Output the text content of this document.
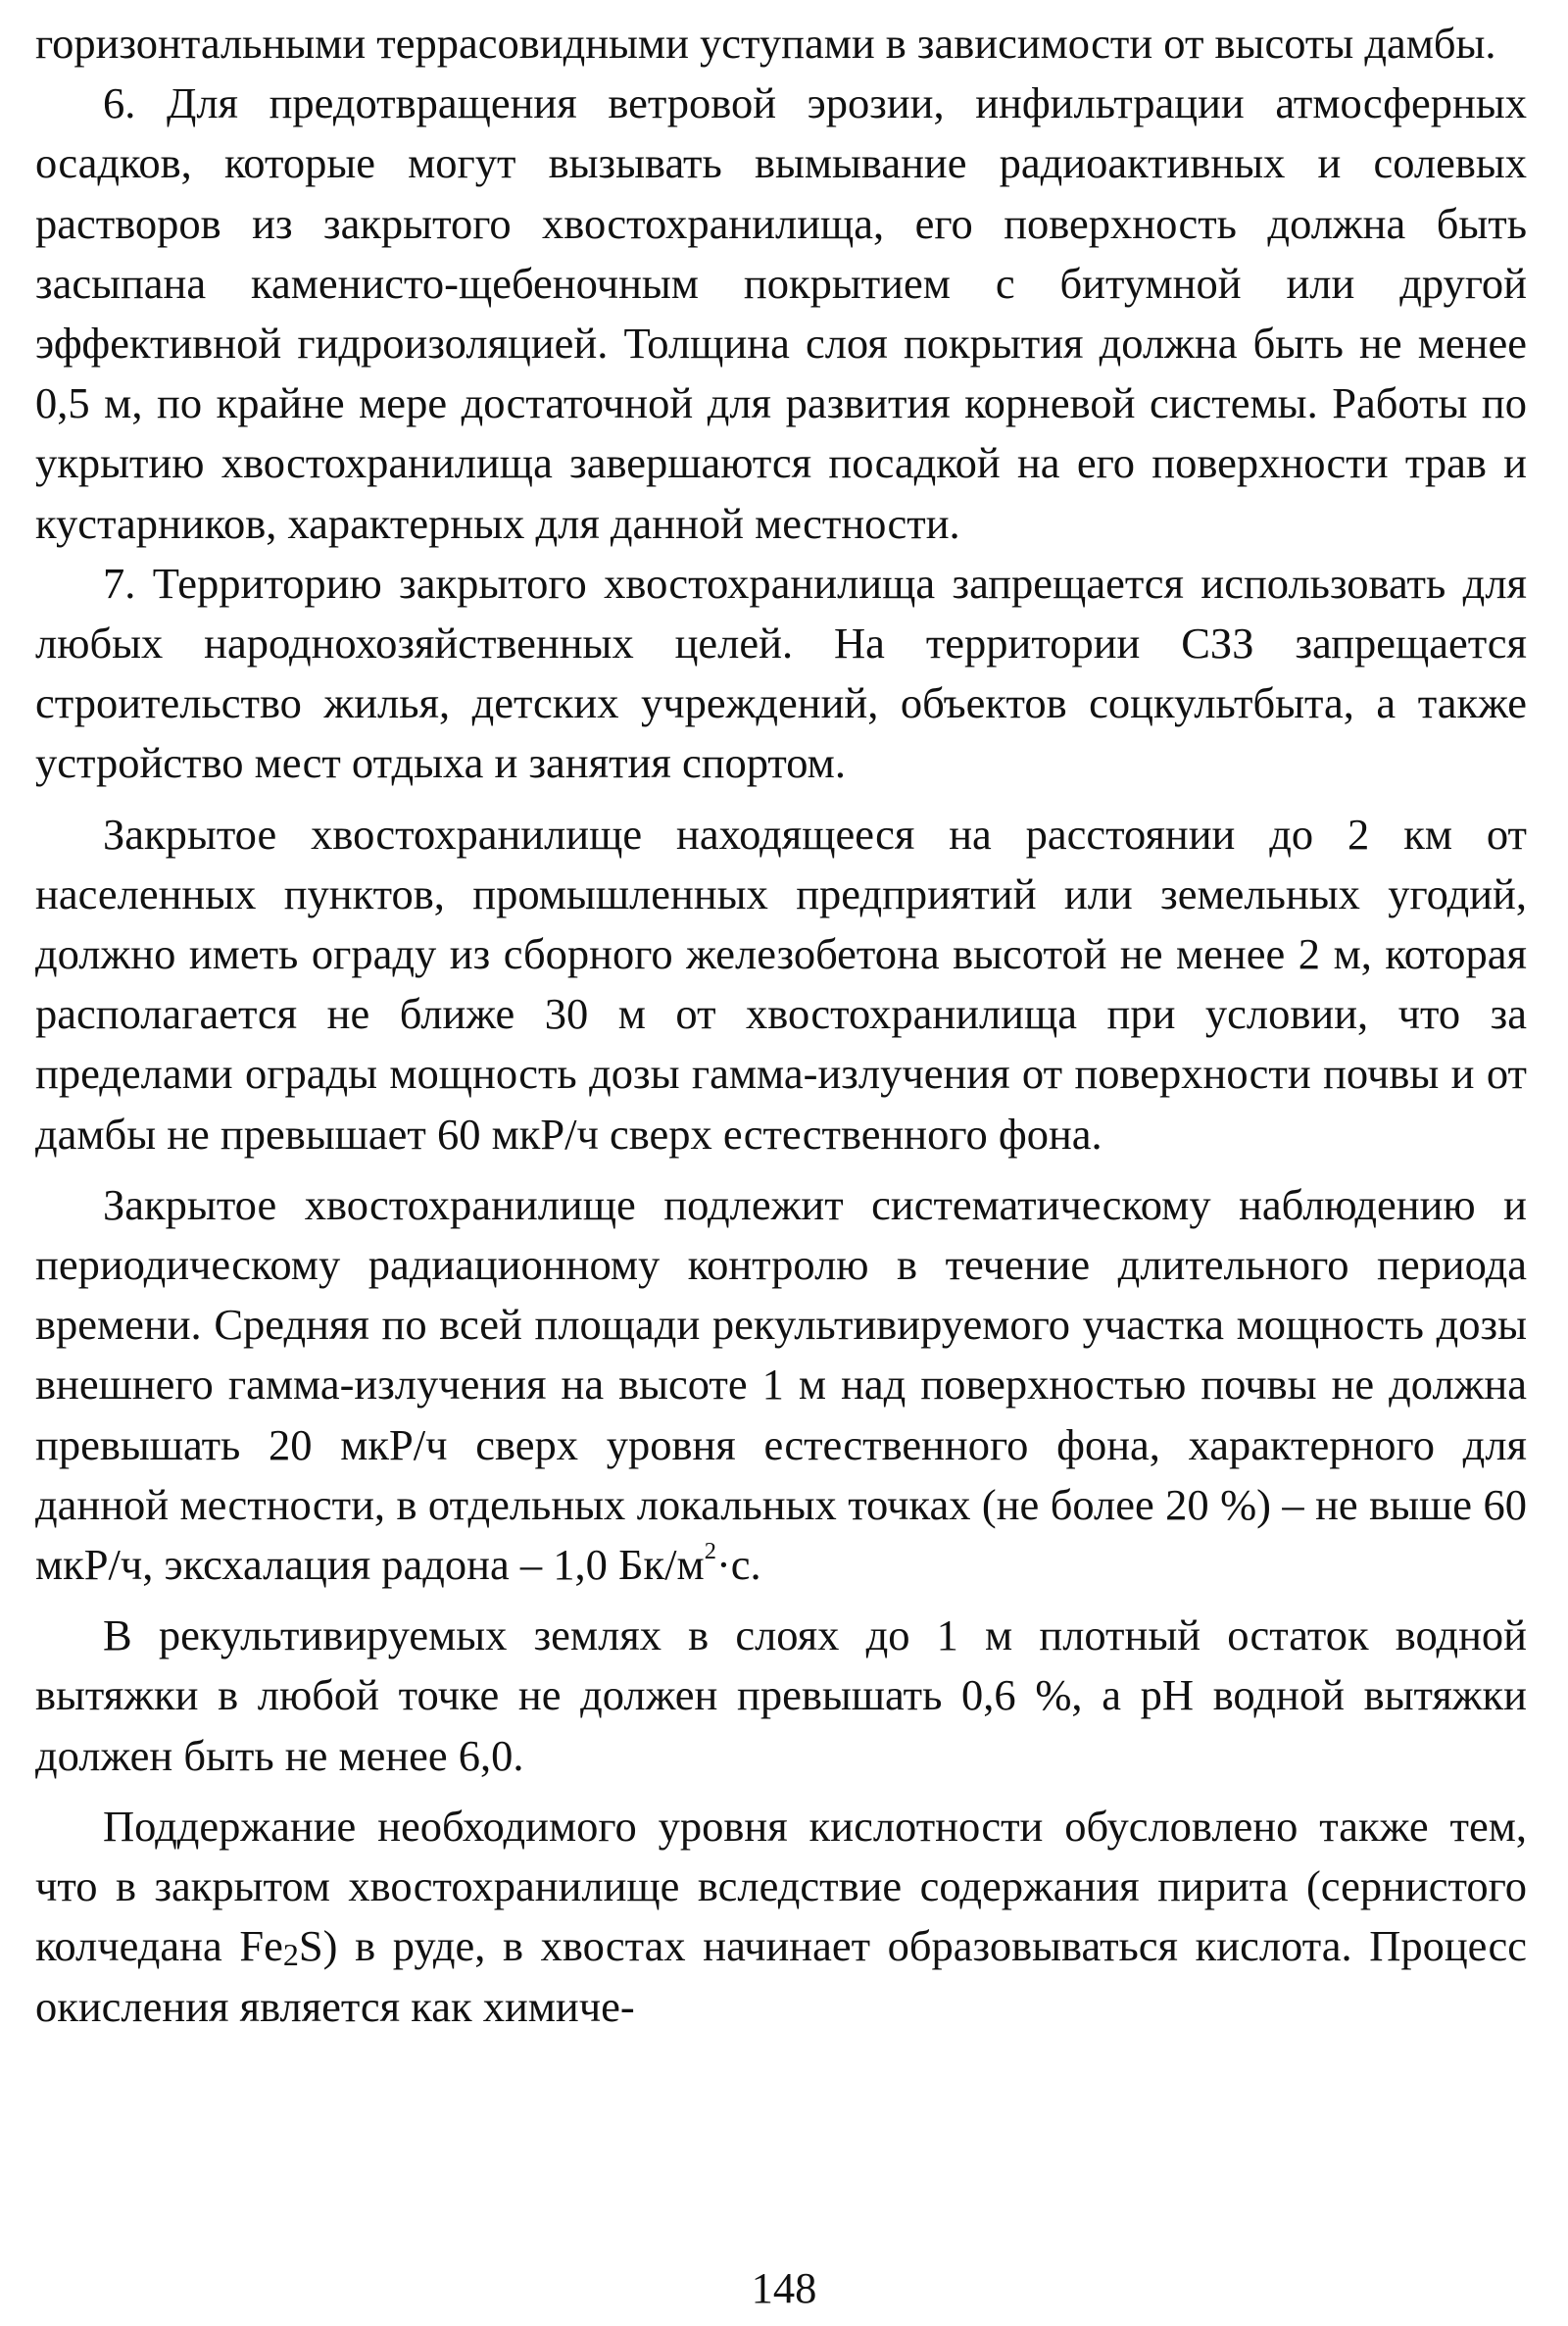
горизонтальными террасовидными уступами в зависимости от высоты дамбы.

6. Для предотвращения ветровой эрозии, инфильтрации атмосферных осадков, которые могут вызывать вымывание радиоактивных и солевых растворов из закрытого хвостохранилища, его поверхность должна быть засыпана каменисто-щебеночным покрытием с битумной или другой эффективной гидроизоляцией. Толщина слоя покрытия должна быть не менее 0,5 м, по крайне мере достаточной для развития корневой системы. Работы по укрытию хвостохранилища завершаются посадкой на его поверхности трав и кустарников, характерных для данной местности.

7. Территорию закрытого хвостохранилища запрещается использовать для любых народнохозяйственных целей. На территории СЗЗ запрещается строительство жилья, детских учреждений, объектов соцкультбыта, а также устройство мест отдыха и занятия спортом.

Закрытое хвостохранилище находящееся на расстоянии до 2 км от населенных пунктов, промышленных предприятий или земельных угодий, должно иметь ограду из сборного железобетона высотой не менее 2 м, которая располагается не ближе 30 м от хвостохранилища при условии, что за пределами ограды мощность дозы гамма-излучения от поверхности почвы и от дамбы не превышает 60 мкР/ч сверх естественного фона.

Закрытое хвостохранилище подлежит систематическому наблюдению и периодическому радиационному контролю в течение длительного периода времени. Средняя по всей площади рекультивируемого участка мощность дозы внешнего гамма-излучения на высоте 1 м над поверхностью почвы не должна превышать 20 мкР/ч сверх уровня естественного фона, характерного для данной местности, в отдельных локальных точках (не более 20 %) – не выше 60 мкР/ч, эксхалация радона – 1,0 $Бк/м^2\cdot с$.

В рекультивируемых землях в слоях до 1 м плотный остаток водной вытяжки в любой точке не должен превышать 0,6 %, а pH водной вытяжки должен быть не менее 6,0.

Поддержание необходимого уровня кислотности обусловлено также тем, что в закрытом хвостохранилище вследствие содержания пирита (сернистого колчедана $Fe_2S$) в руде, в хвостах начинает образовываться кислота. Процесс окисления является как химиче-

148
